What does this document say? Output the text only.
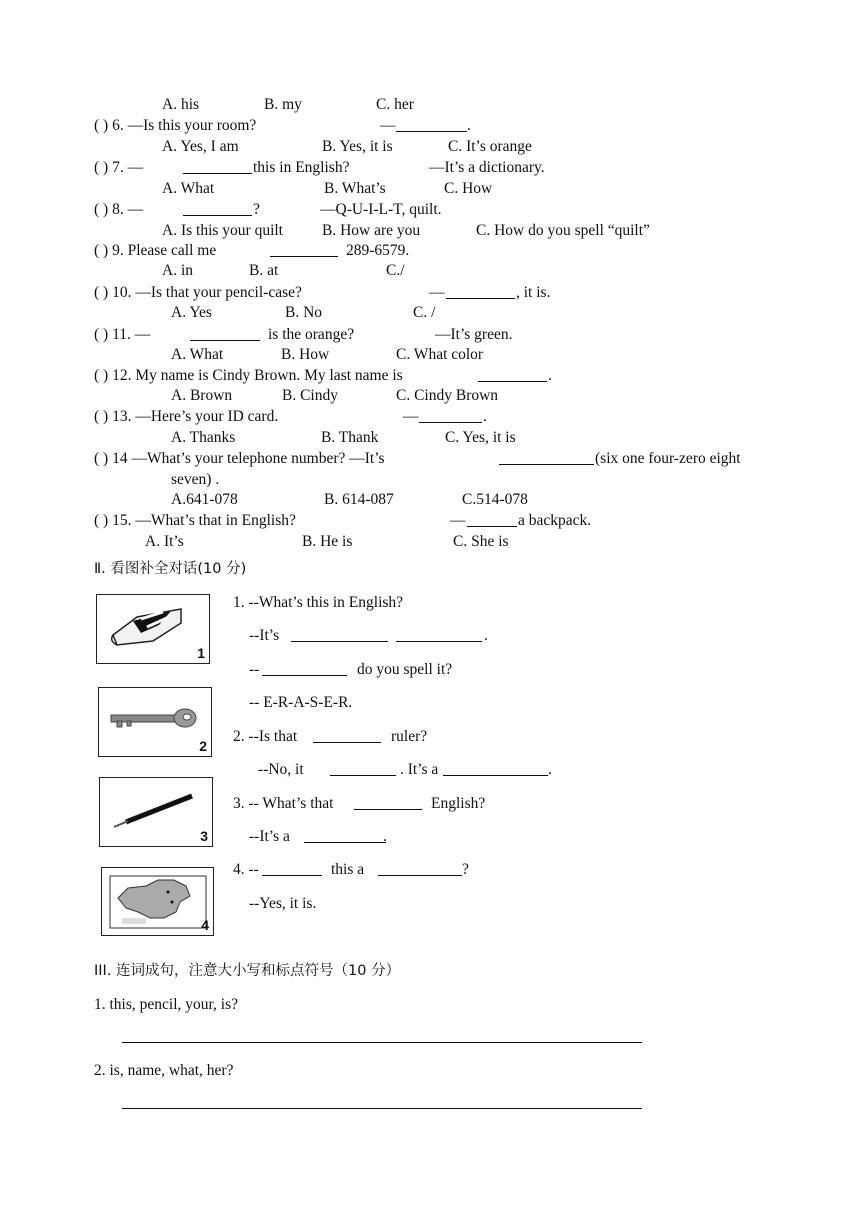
A. his	B. my	C. her
( ) 6. —Is this your room?	—	.
A. Yes, I am	B. Yes, it is	C. It’s orange
( ) 7. —	this in English?	—It’s a dictionary.
A. What	B. What’s	C. How
( ) 8. —	?	—Q-U-I-L-T, quilt.
A. Is this your quilt	B. How are you	C. How do you spell “quilt”
( ) 9. Please call me	289-6579.
A. in	B. at	C./
( ) 10. —Is that your pencil-case?	—	, it is.
A. Yes	B. No	C. /
( ) 11. —	is the orange?	—It’s green.
A. What	B. How	C. What color
( ) 12. My name is Cindy Brown. My last name is	.
A. Brown	B. Cindy	C. Cindy Brown
( ) 13. —Here’s your ID card.	—	.
A. Thanks	B. Thank	C. Yes, it is
( ) 14 —What’s your telephone number? —It’s	(six one four-zero eight
seven) .
A.641-078	B. 614-087	C.514-078
( ) 15. —What’s that in English?	—	a backpack.
A. It’s	B. He is	C. She is
1. --What’s this in English?
--It’s	.
--	do you spell it?
-- E-R-A-S-E-R.
2. --Is that	ruler?
--No, it	. It’s a	.
3. -- What’s that	English?
--It’s a	.
4. --	this a	?
--Yes, it is.
1. this, pencil, your, is?
2. is, name, what, her?
Ⅱ. 看图补全对话(10 分)
III. 连词成句，注意大小写和标点符号（10 分）
1
2
3
4
